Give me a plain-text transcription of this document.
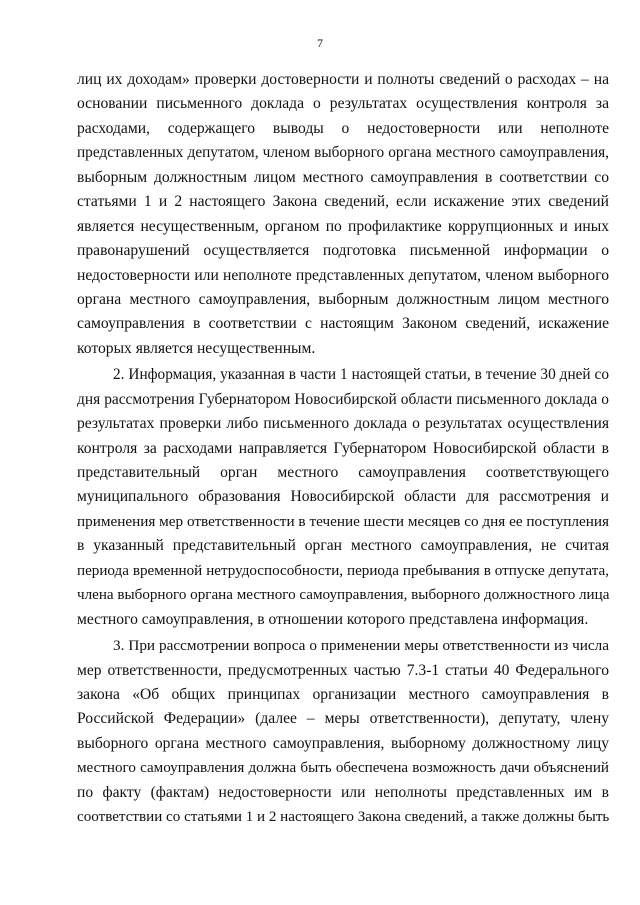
7
лиц их доходам» проверки достоверности и полноты сведений о расходах – на
основании письменного доклада о результатах осуществления контроля за
расходами, содержащего выводы о недостоверности или неполноте
представленных депутатом, членом выборного органа местного самоуправления,
выборным должностным лицом местного самоуправления в соответствии со
статьями 1 и 2 настоящего Закона сведений, если искажение этих сведений
является несущественным, органом по профилактике коррупционных и иных
правонарушений осуществляется подготовка письменной информации о
недостоверности или неполноте представленных депутатом, членом выборного
органа местного самоуправления, выборным должностным лицом местного
самоуправления в соответствии с настоящим Законом сведений, искажение
которых является несущественным.
2. Информация, указанная в части 1 настоящей статьи, в течение 30 дней со
дня рассмотрения Губернатором Новосибирской области письменного доклада о
результатах проверки либо письменного доклада о результатах осуществления
контроля за расходами направляется Губернатором Новосибирской области в
представительный орган местного самоуправления соответствующего
муниципального образования Новосибирской области для рассмотрения и
применения мер ответственности в течение шести месяцев со дня ее поступления
в указанный представительный орган местного самоуправления, не считая
периода временной нетрудоспособности, периода пребывания в отпуске депутата,
члена выборного органа местного самоуправления, выборного должностного лица
местного самоуправления, в отношении которого представлена информация.
3. При рассмотрении вопроса о применении меры ответственности из числа
мер ответственности, предусмотренных частью 7.3-1 статьи 40 Федерального
закона «Об общих принципах организации местного самоуправления в
Российской Федерации» (далее – меры ответственности), депутату, члену
выборного органа местного самоуправления, выборному должностному лицу
местного самоуправления должна быть обеспечена возможность дачи объяснений
по факту (фактам) недостоверности или неполноты представленных им в
соответствии со статьями 1 и 2 настоящего Закона сведений, а также должны быть
